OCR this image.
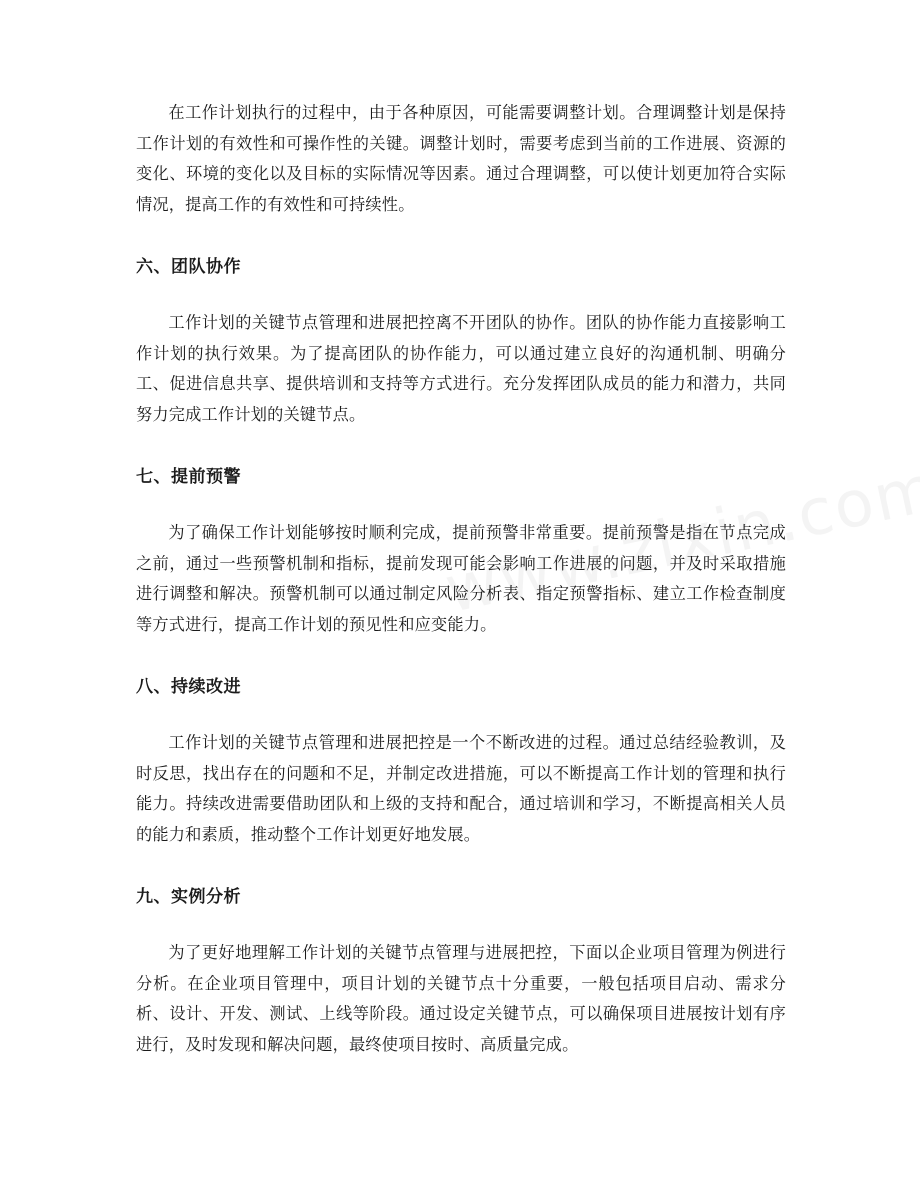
在工作计划执行的过程中，由于各种原因，可能需要调整计划。合理调整计划是保持工作计划的有效性和可操作性的关键。调整计划时，需要考虑到当前的工作进展、资源的变化、环境的变化以及目标的实际情况等因素。通过合理调整，可以使计划更加符合实际情况，提高工作的有效性和可持续性。

六、团队协作

工作计划的关键节点管理和进展把控离不开团队的协作。团队的协作能力直接影响工作计划的执行效果。为了提高团队的协作能力，可以通过建立良好的沟通机制、明确分工、促进信息共享、提供培训和支持等方式进行。充分发挥团队成员的能力和潜力，共同努力完成工作计划的关键节点。

七、提前预警

为了确保工作计划能够按时顺利完成，提前预警非常重要。提前预警是指在节点完成之前，通过一些预警机制和指标，提前发现可能会影响工作进展的问题，并及时采取措施进行调整和解决。预警机制可以通过制定风险分析表、指定预警指标、建立工作检查制度等方式进行，提高工作计划的预见性和应变能力。

八、持续改进

工作计划的关键节点管理和进展把控是一个不断改进的过程。通过总结经验教训，及时反思，找出存在的问题和不足，并制定改进措施，可以不断提高工作计划的管理和执行能力。持续改进需要借助团队和上级的支持和配合，通过培训和学习，不断提高相关人员的能力和素质，推动整个工作计划更好地发展。

九、实例分析

为了更好地理解工作计划的关键节点管理与进展把控，下面以企业项目管理为例进行分析。在企业项目管理中，项目计划的关键节点十分重要，一般包括项目启动、需求分析、设计、开发、测试、上线等阶段。通过设定关键节点，可以确保项目进展按计划有序进行，及时发现和解决问题，最终使项目按时、高质量完成。
